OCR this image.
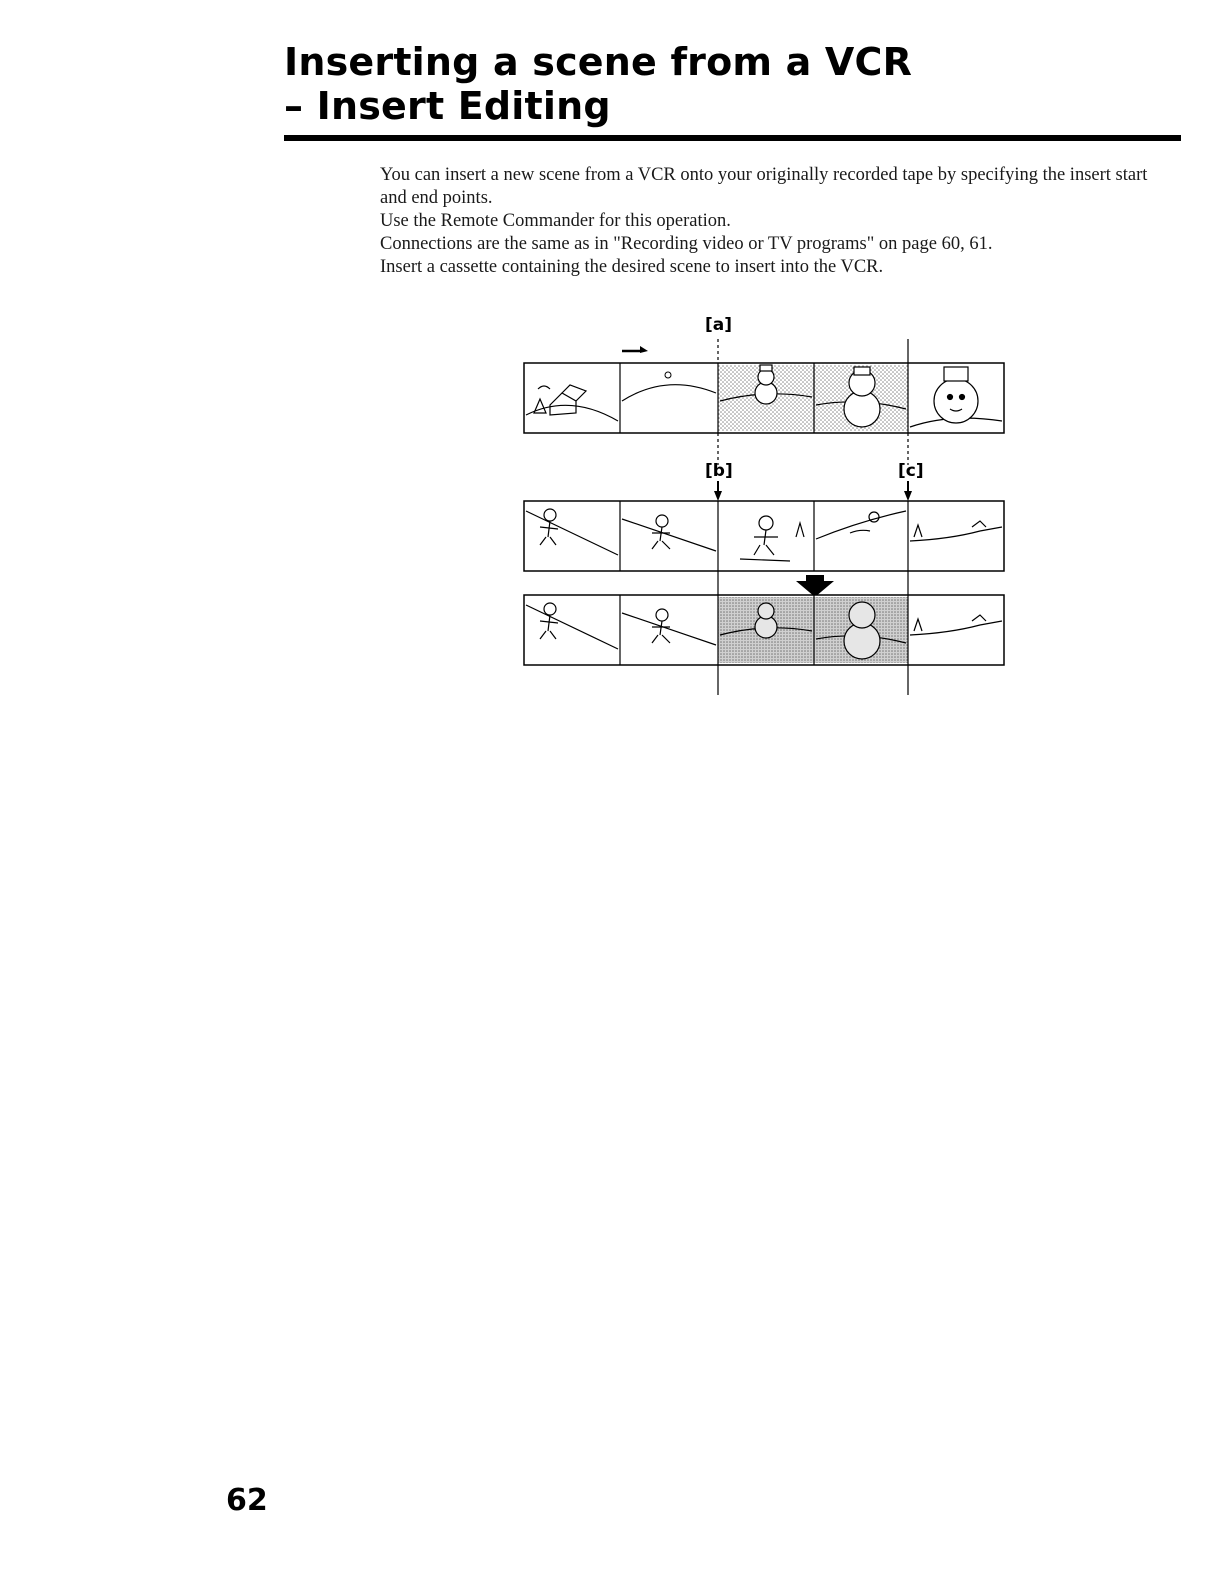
Inserting a scene from a VCR
– Insert Editing

You can insert a new scene from a VCR onto your originally recorded tape by specifying the insert start and end points.

Use the Remote Commander for this operation.

Connections are the same as in "Recording video or TV programs" on page 60, 61.

Insert a cassette containing the desired scene to insert into the VCR.

[a]
[b]	[c]
62
